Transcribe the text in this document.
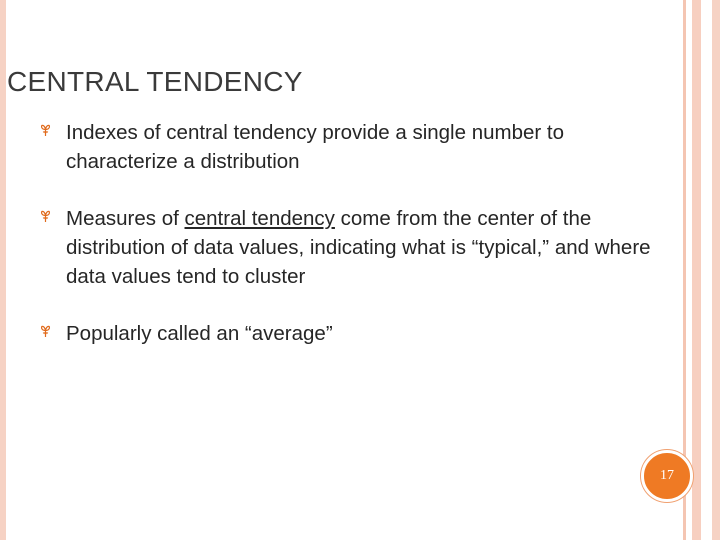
CENTRAL TENDENCY
Indexes of central tendency provide a single number to characterize a distribution
Measures of central tendency come from the center of the distribution of data values, indicating what is “typical,” and where data values tend to cluster
Popularly called an “average”
17
